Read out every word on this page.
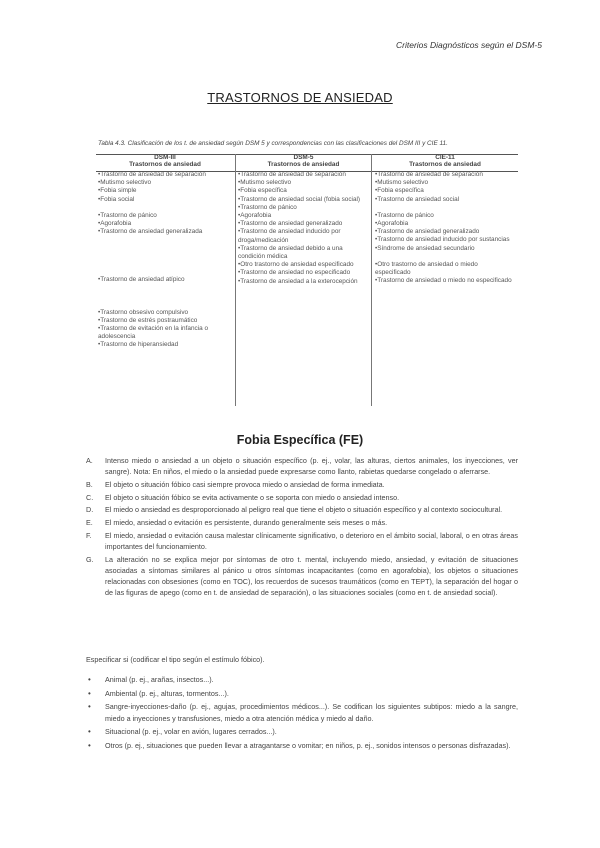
Criterios Diagnósticos según el DSM-5
TRASTORNOS DE ANSIEDAD
Tabla 4.3. Clasificación de los t. de ansiedad según DSM 5 y correspondencias con las clasificaciones del DSM III y CIE 11.
DSM-III
Trastornos de ansiedad
•Trastorno de ansiedad de separación
•Mutismo selectivo
•Fobia simple
•Fobia social
•Trastorno de pánico
•Agorafobia
•Trastorno de ansiedad generalizada
•Trastorno de ansiedad atípico
•Trastorno obsesivo compulsivo
•Trastorno de estrés postraumático
•Trastorno de evitación en la infancia o adolescencia
•Trastorno de hiperansiedad
DSM-5
Trastornos de ansiedad
•Trastorno de ansiedad de separación
•Mutismo selectivo
•Fobia específica
•Trastorno de ansiedad social (fobia social)
•Trastorno de pánico
•Agorafobia
•Trastorno de ansiedad generalizado
•Trastorno de ansiedad inducido por droga/medicación
•Trastorno de ansiedad debido a una condición médica
•Otro trastorno de ansiedad especificado
•Trastorno de ansiedad no especificado
•Trastorno de ansiedad a la exterocepción
CIE-11
Trastornos de ansiedad
•Trastorno de ansiedad de separación
•Mutismo selectivo
•Fobia específica
•Trastorno de ansiedad social
•Trastorno de pánico
•Agorafobia
•Trastorno de ansiedad generalizado
•Trastorno de ansiedad inducido por sustancias
•Síndrome de ansiedad secundario
•Otro trastorno de ansiedad o miedo especificado
•Trastorno de ansiedad o miedo no especificado
Fobia Específica (FE)
A. Intenso miedo o ansiedad a un objeto o situación específico (p. ej., volar, las alturas, ciertos animales, los inyecciones, ver sangre). Nota: En niños, el miedo o la ansiedad puede expresarse como llanto, rabietas quedarse congelado o aferrarse.
B. El objeto o situación fóbico casi siempre provoca miedo o ansiedad de forma inmediata.
C. El objeto o situación fóbico se evita activamente o se soporta con miedo o ansiedad intenso.
D. El miedo o ansiedad es desproporcionado al peligro real que tiene el objeto o situación específico y al contexto sociocultural.
E. El miedo, ansiedad o evitación es persistente, durando generalmente seis meses o más.
F. El miedo, ansiedad o evitación causa malestar clínicamente significativo, o deterioro en el ámbito social, laboral, o en otras áreas importantes del funcionamiento.
G. La alteración no se explica mejor por síntomas de otro t. mental, incluyendo miedo, ansiedad, y evitación de situaciones asociadas a síntomas similares al pánico u otros síntomas incapacitantes (como en agorafobia), los objetos o situaciones relacionadas con obsesiones (como en TOC), los recuerdos de sucesos traumáticos (como en TEPT), la separación del hogar o de las figuras de apego (como en t. de ansiedad de separación), o las situaciones sociales (como en t. de ansiedad social).
Especificar si (codificar el tipo según el estímulo fóbico).
• Animal (p. ej., arañas, insectos...).
• Ambiental (p. ej., alturas, tormentos...).
• Sangre-inyecciones-daño (p. ej., agujas, procedimientos médicos...). Se codifican los siguientes subtipos: miedo a la sangre, miedo a inyecciones y transfusiones, miedo a otra atención médica y miedo al daño.
• Situacional (p. ej., volar en avión, lugares cerrados...).
• Otros (p. ej., situaciones que pueden llevar a atragantarse o vomitar; en niños, p. ej., sonidos intensos o personas disfrazadas).
